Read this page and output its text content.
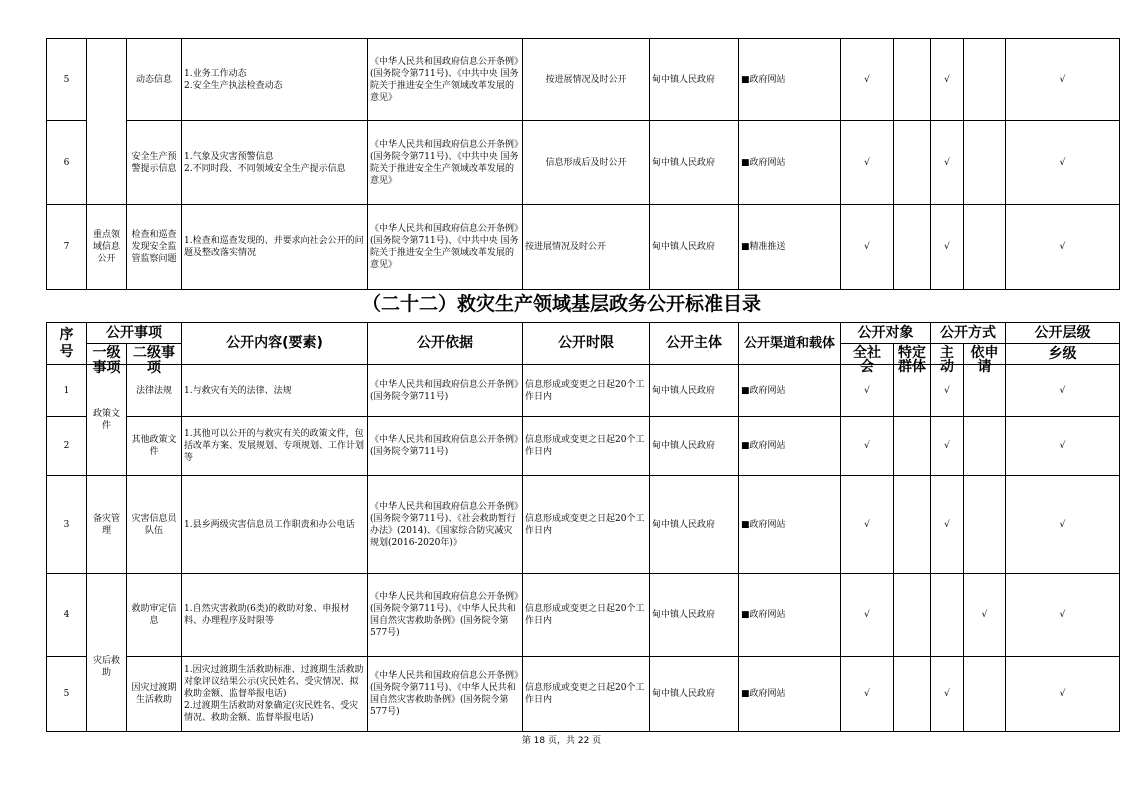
5		动态信息	1.业务工作动态
2.安全生产执法检查动态	《中华人民共和国政府信息公开条例》(国务院令第711号)、《中共中央 国务院关于推进安全生产领域改革发展的意见》	按进展情况及时公开	甸中镇人民政府	■政府网站	√		√		√
6		安全生产预警提示信息	1.气象及灾害预警信息
2.不同时段、不同领域安全生产提示信息	《中华人民共和国政府信息公开条例》(国务院令第711号)、《中共中央 国务院关于推进安全生产领域改革发展的意见》	信息形成后及时公开	甸中镇人民政府	■政府网站	√		√		√
7	重点领域信息公开	检查和巡查发现安全监管监察问题	1.检查和巡查发现的、并要求向社会公开的问题及整改落实情况	《中华人民共和国政府信息公开条例》(国务院令第711号)、《中共中央 国务院关于推进安全生产领域改革发展的意见》	按进展情况及时公开	甸中镇人民政府	■精准推送	√		√		√
（二十二）救灾生产领域基层政务公开标准目录
序号	公开事项		公开内容(要素)	公开依据	公开时限	公开主体	公开渠道和载体	公开对象		公开方式		公开层级

	一级事项	二级事项						全社会	特定群体	主动	依申请	乡级
1	政策文件	法律法规	1.与救灾有关的法律、法规	《中华人民共和国政府信息公开条例》(国务院令第711号)	信息形成或变更之日起20个工作日内	甸中镇人民政府	■政府网站	√		√		√
2		其他政策文件	1.其他可以公开的与救灾有关的政策文件，包括改革方案、发展规划、专项规划、工作计划等	《中华人民共和国政府信息公开条例》(国务院令第711号)	信息形成或变更之日起20个工作日内	甸中镇人民政府	■政府网站	√		√		√
3	备灾管理	灾害信息员队伍	1.县乡两级灾害信息员工作职责和办公电话	《中华人民共和国政府信息公开条例》(国务院令第711号)、《社会救助暂行办法》(2014)、《国家综合防灾减灾规划(2016-2020年)》	信息形成或变更之日起20个工作日内	甸中镇人民政府	■政府网站	√		√		√
4	灾后救助	救助审定信息	1.自然灾害救助(6类)的救助对象、申报材料、办理程序及时限等	《中华人民共和国政府信息公开条例》(国务院令第711号)、《中华人民共和国自然灾害救助条例》(国务院令第577号)	信息形成或变更之日起20个工作日内	甸中镇人民政府	■政府网站	√			√	√
5		因灾过渡期生活救助	1.因灾过渡期生活救助标准、过渡期生活救助对象评议结果公示(灾民姓名、受灾情况、拟救助金额、监督举报电话)
2.过渡期生活救助对象确定(灾民姓名、受灾情况、救助金额、监督举报电话)	《中华人民共和国政府信息公开条例》(国务院令第711号)、《中华人民共和国自然灾害救助条例》(国务院令第577号)	信息形成或变更之日起20个工作日内	甸中镇人民政府	■政府网站	√		√		√
第 18 页，共 22 页
